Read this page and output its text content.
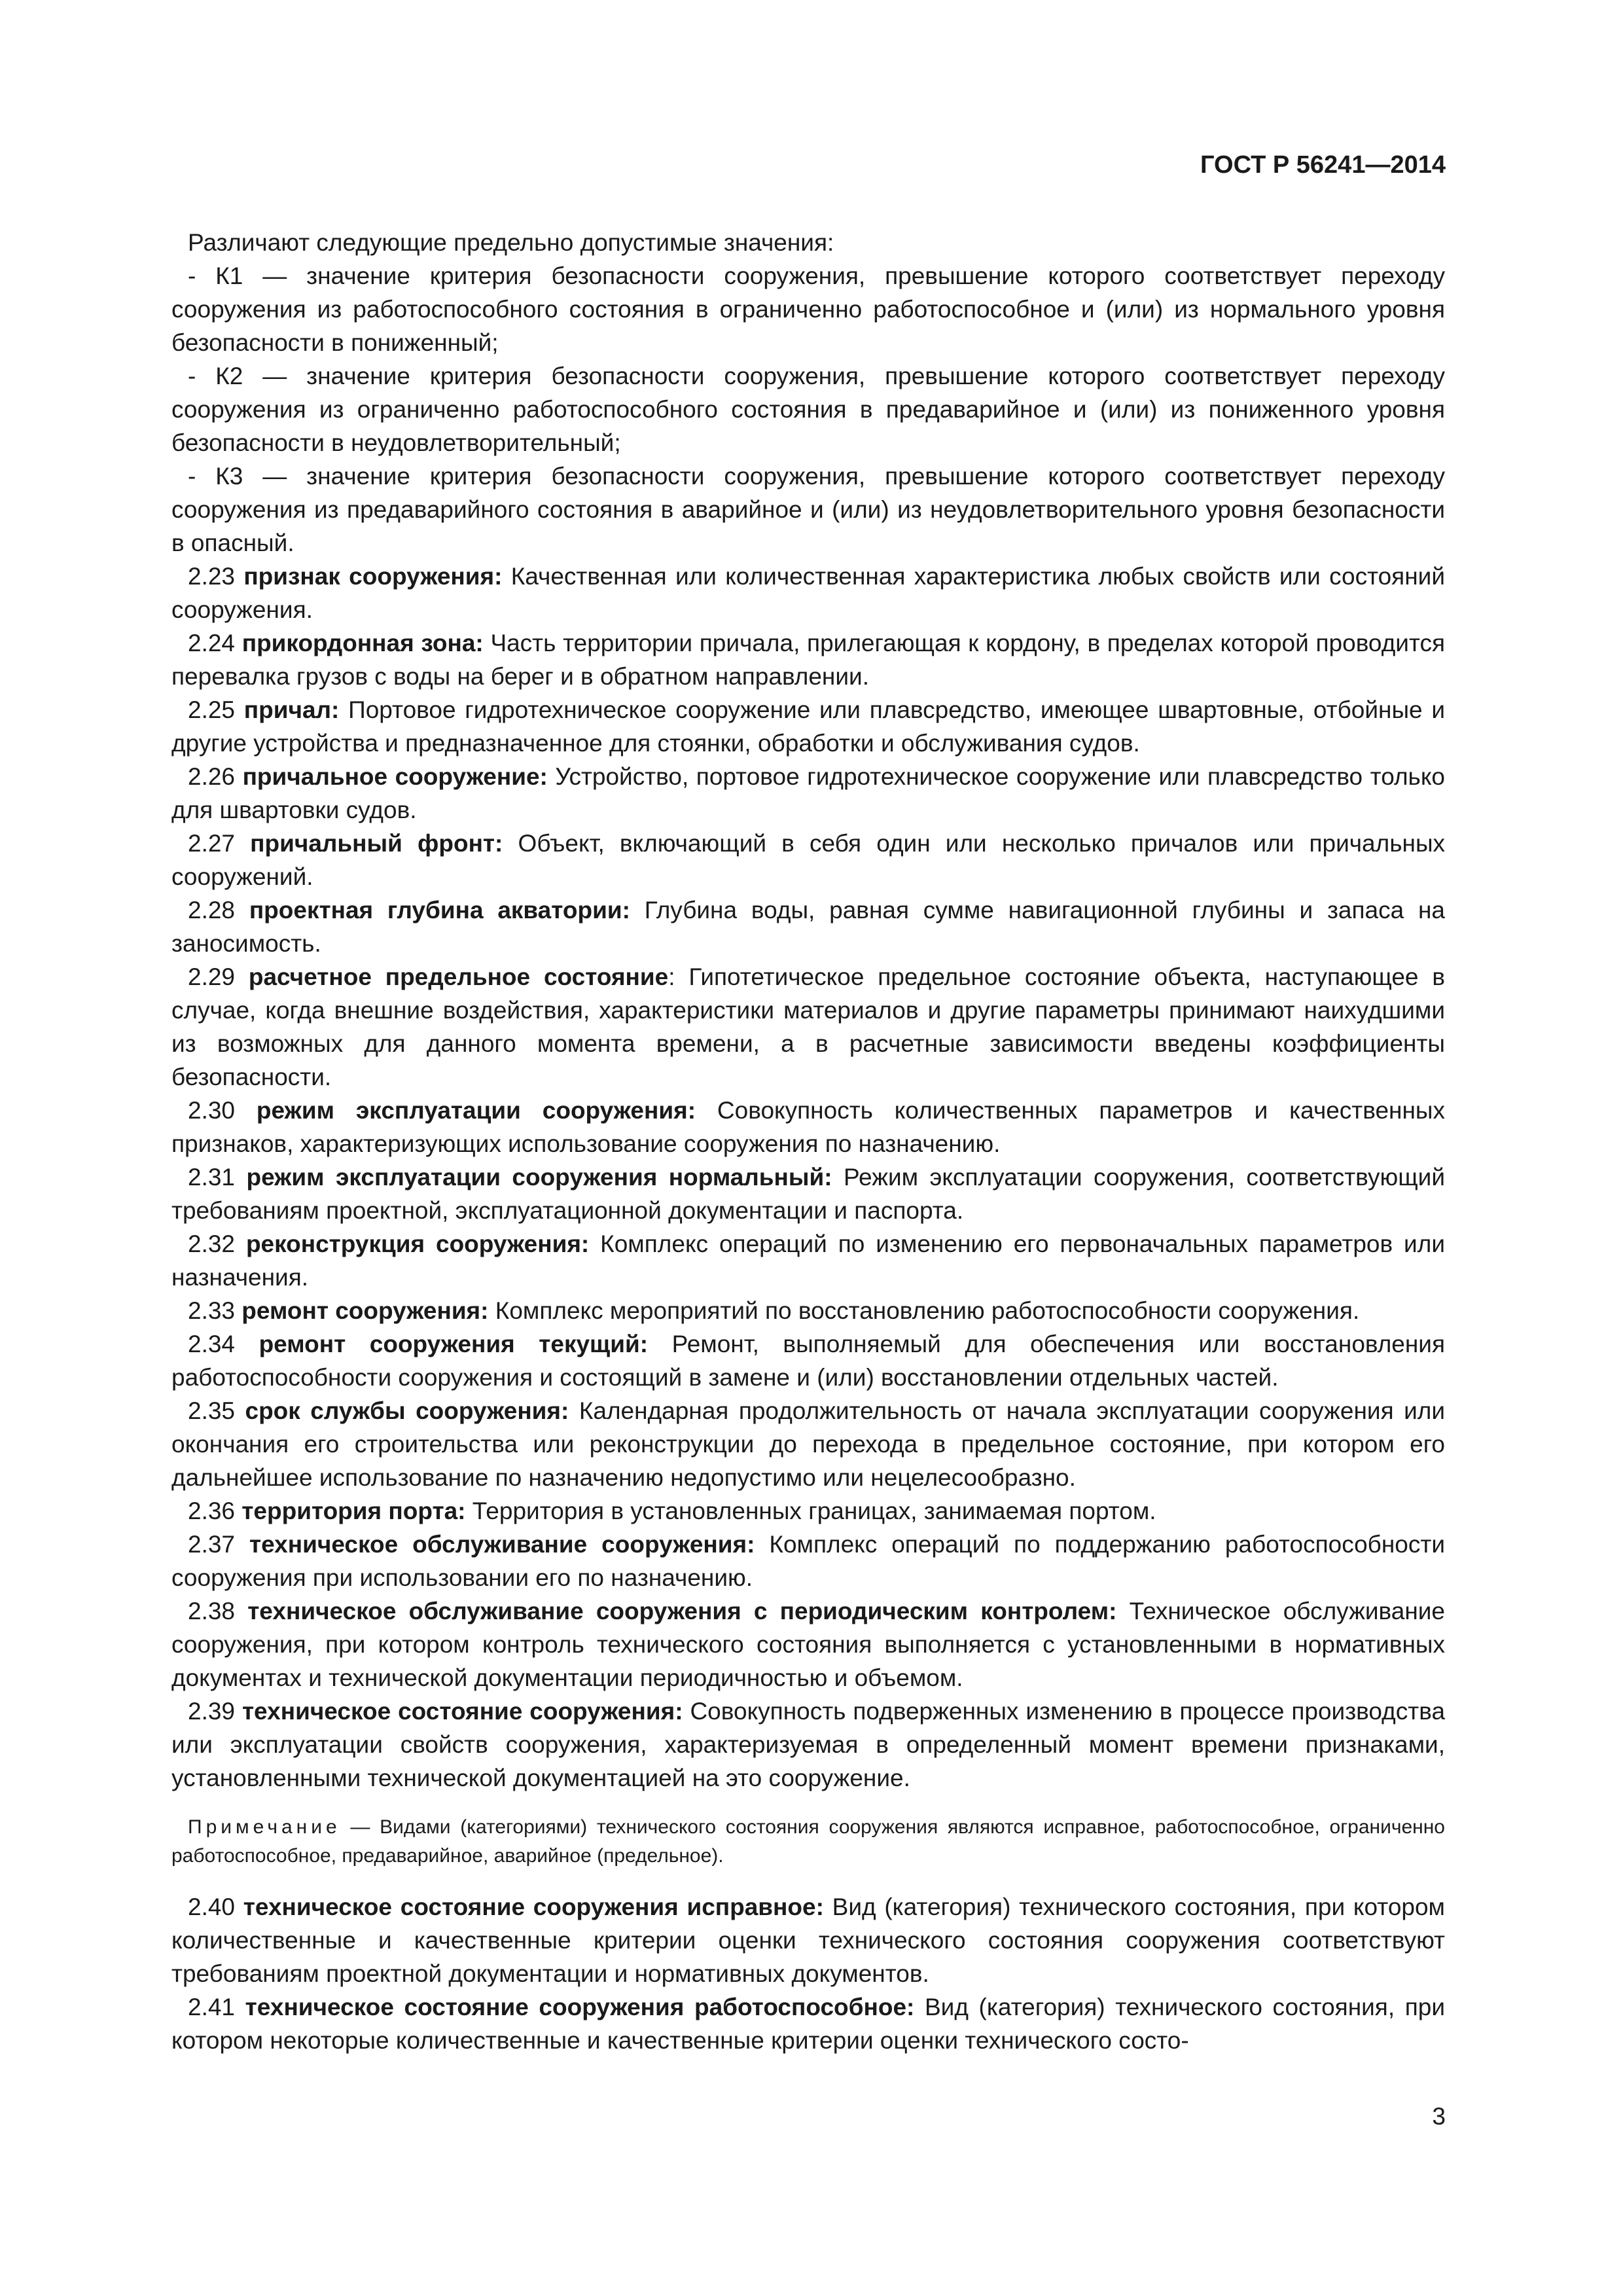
ГОСТ Р 56241—2014

Различают следующие предельно допустимые значения:

- К1 — значение критерия безопасности сооружения, превышение которого соответствует переходу сооружения из работоспособного состояния в ограниченно работоспособное и (или) из нормального уровня безопасности в пониженный;

- К2 — значение критерия безопасности сооружения, превышение которого соответствует переходу сооружения из ограниченно работоспособного состояния в предаварийное и (или) из пониженного уровня безопасности в неудовлетворительный;

- К3 — значение критерия безопасности сооружения, превышение которого соответствует переходу сооружения из предаварийного состояния в аварийное и (или) из неудовлетворительного уровня безопасности в опасный.

2.23 признак сооружения: Качественная или количественная характеристика любых свойств или состояний сооружения.

2.24 прикордонная зона: Часть территории причала, прилегающая к кордону, в пределах которой проводится перевалка грузов с воды на берег и в обратном направлении.

2.25 причал: Портовое гидротехническое сооружение или плавсредство, имеющее швартовные, отбойные и другие устройства и предназначенное для стоянки, обработки и обслуживания судов.

2.26 причальное сооружение: Устройство, портовое гидротехническое сооружение или плавсредство только для швартовки судов.

2.27 причальный фронт: Объект, включающий в себя один или несколько причалов или причальных сооружений.

2.28 проектная глубина акватории: Глубина воды, равная сумме навигационной глубины и запаса на заносимость.

2.29 расчетное предельное состояние: Гипотетическое предельное состояние объекта, наступающее в случае, когда внешние воздействия, характеристики материалов и другие параметры принимают наихудшими из возможных для данного момента времени, а в расчетные зависимости введены коэффициенты безопасности.

2.30 режим эксплуатации сооружения: Совокупность количественных параметров и качественных признаков, характеризующих использование сооружения по назначению.

2.31 режим эксплуатации сооружения нормальный: Режим эксплуатации сооружения, соответствующий требованиям проектной, эксплуатационной документации и паспорта.

2.32 реконструкция сооружения: Комплекс операций по изменению его первоначальных параметров или назначения.

2.33 ремонт сооружения: Комплекс мероприятий по восстановлению работоспособности сооружения.

2.34 ремонт сооружения текущий: Ремонт, выполняемый для обеспечения или восстановления работоспособности сооружения и состоящий в замене и (или) восстановлении отдельных частей.

2.35 срок службы сооружения: Календарная продолжительность от начала эксплуатации сооружения или окончания его строительства или реконструкции до перехода в предельное состояние, при котором его дальнейшее использование по назначению недопустимо или нецелесообразно.

2.36 территория порта: Территория в установленных границах, занимаемая портом.

2.37 техническое обслуживание сооружения: Комплекс операций по поддержанию работоспособности сооружения при использовании его по назначению.

2.38 техническое обслуживание сооружения с периодическим контролем: Техническое обслуживание сооружения, при котором контроль технического состояния выполняется с установленными в нормативных документах и технической документации периодичностью и объемом.

2.39 техническое состояние сооружения: Совокупность подверженных изменению в процессе производства или эксплуатации свойств сооружения, характеризуемая в определенный момент времени признаками, установленными технической документацией на это сооружение.

Примечание — Видами (категориями) технического состояния сооружения являются исправное, работоспособное, ограниченно работоспособное, предаварийное, аварийное (предельное).

2.40 техническое состояние сооружения исправное: Вид (категория) технического состояния, при котором количественные и качественные критерии оценки технического состояния сооружения соответствуют требованиям проектной документации и нормативных документов.

2.41 техническое состояние сооружения работоспособное: Вид (категория) технического состояния, при котором некоторые количественные и качественные критерии оценки технического состо-

3
